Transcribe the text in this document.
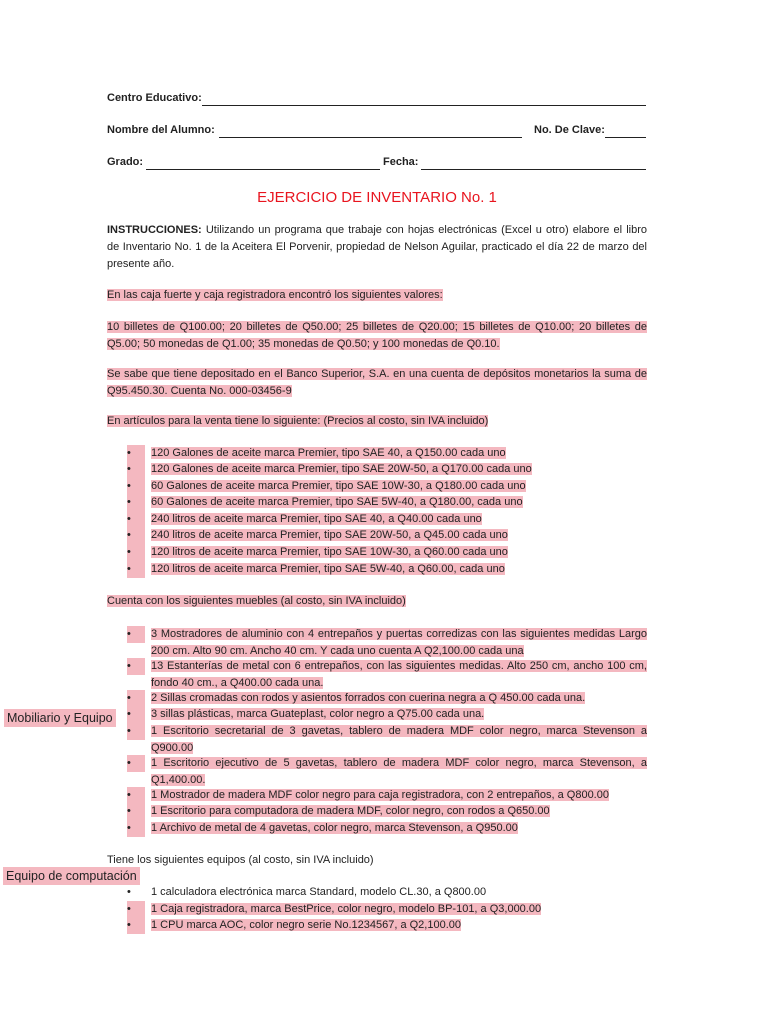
Centro Educativo:
Nombre del Alumno:	No. De Clave:
Grado:	Fecha:
EJERCICIO DE INVENTARIO No. 1
INSTRUCCIONES: Utilizando un programa que trabaje con hojas electrónicas (Excel u otro) elabore el libro de Inventario No. 1 de la Aceitera El Porvenir, propiedad de Nelson Aguilar, practicado el día 22 de marzo del presente año.
En las caja fuerte y caja registradora encontró los siguientes valores:
10 billetes de Q100.00; 20 billetes de Q50.00; 25 billetes de Q20.00; 15 billetes de Q10.00; 20 billetes de Q5.00; 50 monedas de Q1.00; 35 monedas de Q0.50; y 100 monedas de Q0.10.
Se sabe que tiene depositado en el Banco Superior, S.A. en una cuenta de depósitos monetarios la suma de Q95.450.30. Cuenta No. 000-03456-9
En artículos para la venta tiene lo siguiente: (Precios al costo, sin IVA incluido)
•	120 Galones de aceite marca Premier, tipo SAE 40, a Q150.00 cada uno
•	120 Galones de aceite marca Premier, tipo SAE 20W-50, a Q170.00 cada uno
•	60 Galones de aceite marca Premier, tipo SAE 10W-30, a Q180.00 cada uno
•	60 Galones de aceite marca Premier, tipo SAE 5W-40, a Q180.00, cada uno
•	240 litros de aceite marca Premier, tipo SAE 40, a Q40.00 cada uno
•	240 litros de aceite marca Premier, tipo SAE 20W-50, a Q45.00 cada uno
•	120 litros de aceite marca Premier, tipo SAE 10W-30, a Q60.00 cada uno
•	120 litros de aceite marca Premier, tipo SAE 5W-40, a Q60.00, cada uno
Cuenta con los siguientes muebles (al costo, sin IVA incluido)
•	3 Mostradores de aluminio con 4 entrepaños y puertas corredizas con las siguientes medidas Largo 200 cm. Alto 90 cm. Ancho 40 cm. Y cada uno cuenta A Q2,100.00 cada una
•	13 Estanterías de metal con 6 entrepaños, con las siguientes medidas. Alto 250 cm, ancho 100 cm, fondo 40 cm., a Q400.00 cada una.
•	2 Sillas cromadas con rodos y asientos forrados con cuerina negra a Q 450.00 cada una.
•	3 sillas plásticas, marca Guateplast, color negro a Q75.00 cada una.
•	1 Escritorio secretarial de 3 gavetas, tablero de madera MDF color negro, marca Stevenson a Q900.00
•	1 Escritorio ejecutivo de 5 gavetas, tablero de madera MDF color negro, marca Stevenson, a Q1,400.00.
•	1 Mostrador de madera MDF color negro para caja registradora, con 2 entrepaños, a Q800.00
•	1 Escritorio para computadora de madera MDF, color negro, con rodos a Q650.00
•	1 Archivo de metal de 4 gavetas, color negro, marca Stevenson, a Q950.00
Tiene los siguientes equipos (al costo, sin IVA incluido)
•	1 calculadora electrónica marca Standard, modelo CL.30, a Q800.00
•	1 Caja registradora, marca BestPrice, color negro, modelo BP-101, a Q3,000.00
•	1 CPU marca AOC, color negro serie No.1234567, a Q2,100.00
Mobiliario y Equipo
Equipo de computación
